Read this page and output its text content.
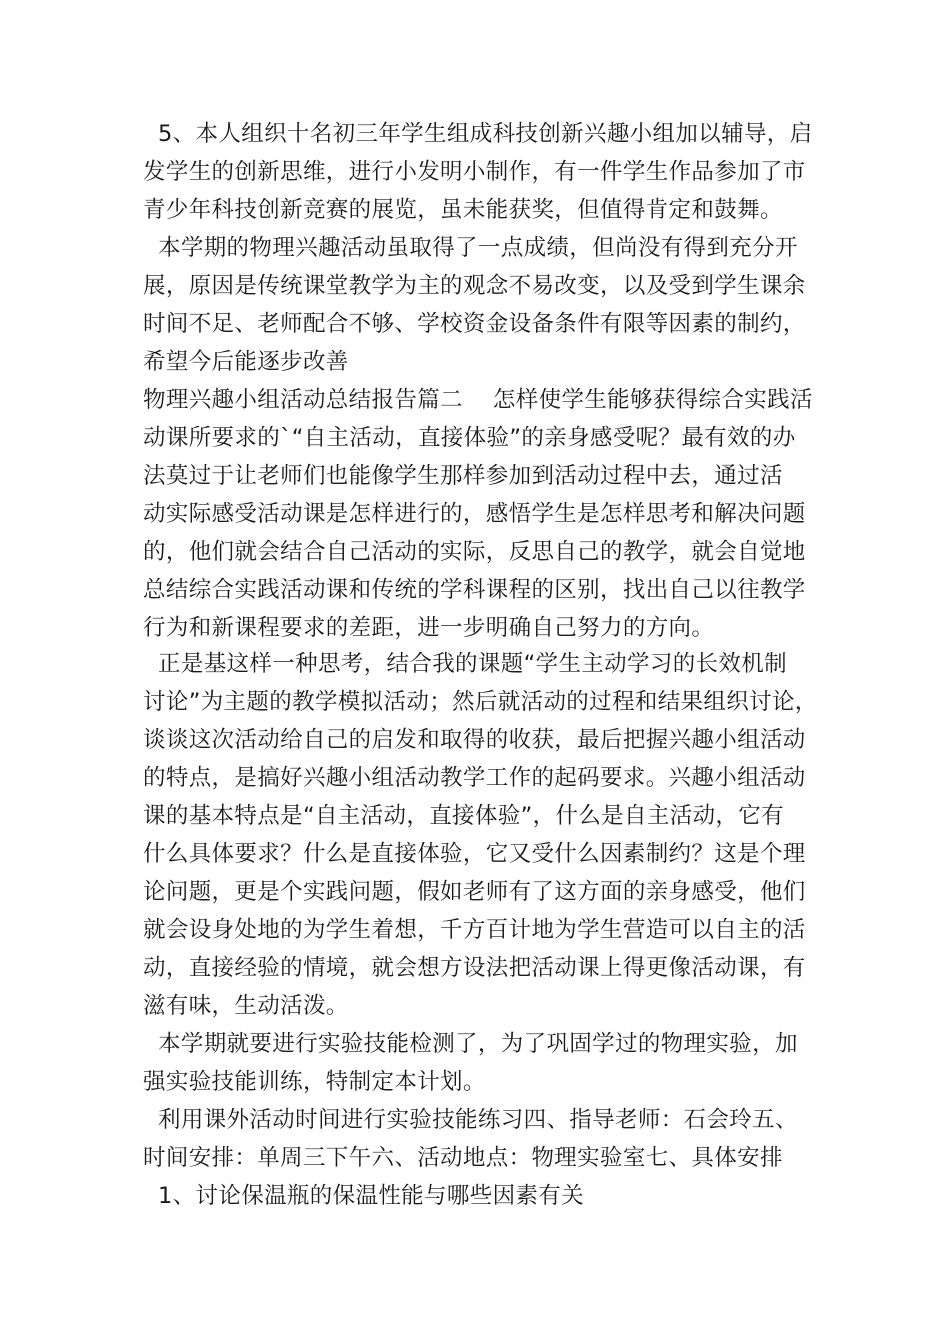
5、本人组织十名初三年学生组成科技创新兴趣小组加以辅导，启
发学生的创新思维，进行小发明小制作，有一件学生作品参加了市
青少年科技创新竞赛的展览，虽未能获奖，但值得肯定和鼓舞。
本学期的物理兴趣活动虽取得了一点成绩，但尚没有得到充分开
展，原因是传统课堂教学为主的观念不易改变，以及受到学生课余
时间不足、老师配合不够、学校资金设备条件有限等因素的制约，
希望今后能逐步改善
物理兴趣小组活动总结报告篇二    怎样使学生能够获得综合实践活
动课所要求的`“自主活动，直接体验”的亲身感受呢？最有效的办
法莫过于让老师们也能像学生那样参加到活动过程中去，通过活
动实际感受活动课是怎样进行的，感悟学生是怎样思考和解决问题
的，他们就会结合自己活动的实际，反思自己的教学，就会自觉地
总结综合实践活动课和传统的学科课程的区别，找出自己以往教学
行为和新课程要求的差距，进一步明确自己努力的方向。
正是基这样一种思考，结合我的课题“学生主动学习的长效机制
讨论”为主题的教学模拟活动；然后就活动的过程和结果组织讨论，
谈谈这次活动给自己的启发和取得的收获，最后把握兴趣小组活动
的特点，是搞好兴趣小组活动教学工作的起码要求。兴趣小组活动
课的基本特点是“自主活动，直接体验”，什么是自主活动，它有
什么具体要求？什么是直接体验，它又受什么因素制约？这是个理
论问题，更是个实践问题，假如老师有了这方面的亲身感受，他们
就会设身处地的为学生着想，千方百计地为学生营造可以自主的活
动，直接经验的情境，就会想方设法把活动课上得更像活动课，有
滋有味，生动活泼。
本学期就要进行实验技能检测了，为了巩固学过的物理实验，加
强实验技能训练，特制定本计划。
利用课外活动时间进行实验技能练习四、指导老师：石会玲五、
时间安排：单周三下午六、活动地点：物理实验室七、具体安排
1、讨论保温瓶的保温性能与哪些因素有关
